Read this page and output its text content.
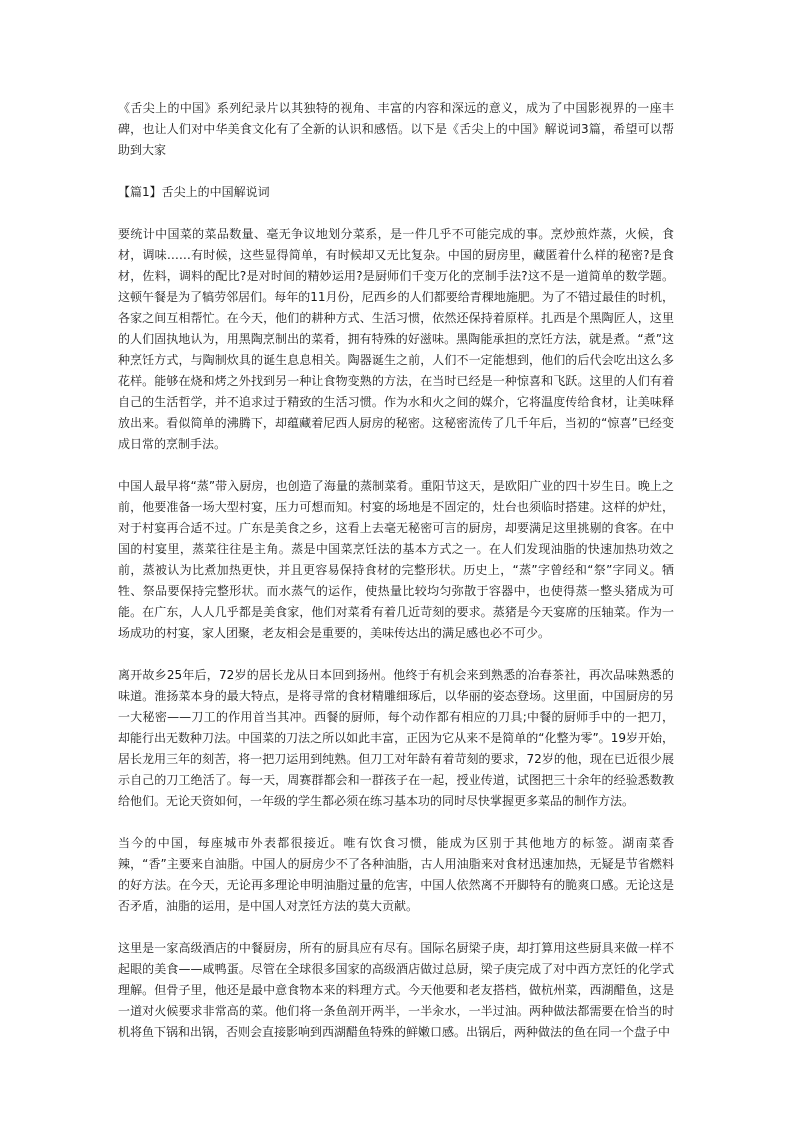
《舌尖上的中国》系列纪录片以其独特的视角、丰富的内容和深远的意义，成为了中国影视界的一座丰碑，也让人们对中华美食文化有了全新的认识和感悟。以下是《舌尖上的中国》解说词3篇，希望可以帮助到大家

【篇1】舌尖上的中国解说词

要统计中国菜的菜品数量、毫无争议地划分菜系，是一件几乎不可能完成的事。烹炒煎炸蒸，火候，食材，调味……有时候，这些显得简单，有时候却又无比复杂。中国的厨房里，藏匿着什么样的秘密?是食材，佐料，调料的配比?是对时间的精妙运用?是厨师们千变万化的烹制手法?这不是一道简单的数学题。这顿午餐是为了犒劳邻居们。每年的11月份，尼西乡的人们都要给青稞地施肥。为了不错过最佳的时机，各家之间互相帮忙。在今天，他们的耕种方式、生活习惯，依然还保持着原样。扎西是个黑陶匠人，这里的人们固执地认为，用黑陶烹制出的菜肴，拥有特殊的好滋味。黑陶能承担的烹饪方法，就是煮。“煮”这种烹饪方式，与陶制炊具的诞生息息相关。陶器诞生之前，人们不一定能想到，他们的后代会吃出这么多花样。能够在烧和烤之外找到另一种让食物变熟的方法，在当时已经是一种惊喜和飞跃。这里的人们有着自己的生活哲学，并不追求过于精致的生活习惯。作为水和火之间的媒介，它将温度传给食材，让美味释放出来。看似简单的沸腾下，却蕴藏着尼西人厨房的秘密。这秘密流传了几千年后，当初的“惊喜”已经变成日常的烹制手法。

中国人最早将“蒸”带入厨房，也创造了海量的蒸制菜肴。重阳节这天，是欧阳广业的四十岁生日。晚上之前，他要准备一场大型村宴，压力可想而知。村宴的场地是不固定的，灶台也须临时搭建。这样的炉灶，对于村宴再合适不过。广东是美食之乡，这看上去毫无秘密可言的厨房，却要满足这里挑剔的食客。在中国的村宴里，蒸菜往往是主角。蒸是中国菜烹饪法的基本方式之一。在人们发现油脂的快速加热功效之前，蒸被认为比煮加热更快，并且更容易保持食材的完整形状。历史上，“蒸”字曾经和“祭”字同义。牺牲、祭品要保持完整形状。而水蒸气的运作，使热量比较均匀弥散于容器中，也使得蒸一整头猪成为可能。在广东，人人几乎都是美食家，他们对菜肴有着几近苛刻的要求。蒸猪是今天宴席的压轴菜。作为一场成功的村宴，家人团聚，老友相会是重要的，美味传达出的满足感也必不可少。

离开故乡25年后，72岁的居长龙从日本回到扬州。他终于有机会来到熟悉的冶春茶社，再次品味熟悉的味道。淮扬菜本身的最大特点，是将寻常的食材精雕细琢后，以华丽的姿态登场。这里面，中国厨房的另一大秘密——刀工的作用首当其冲。西餐的厨师，每个动作都有相应的刀具;中餐的厨师手中的一把刀，却能行出无数种刀法。中国菜的刀法之所以如此丰富，正因为它从来不是简单的“化整为零”。19岁开始，居长龙用三年的刻苦，将一把刀运用到纯熟。但刀工对年龄有着苛刻的要求，72岁的他，现在已近很少展示自己的刀工绝活了。每一天，周赛群都会和一群孩子在一起，授业传道，试图把三十余年的经验悉数教给他们。无论天资如何，一年级的学生都必须在练习基本功的同时尽快掌握更多菜品的制作方法。

当今的中国，每座城市外表都很接近。唯有饮食习惯，能成为区别于其他地方的标签。湖南菜香辣，“香”主要来自油脂。中国人的厨房少不了各种油脂，古人用油脂来对食材迅速加热，无疑是节省燃料的好方法。在今天，无论再多理论申明油脂过量的危害，中国人依然离不开脚特有的脆爽口感。无论这是否矛盾，油脂的运用，是中国人对烹饪方法的莫大贡献。

这里是一家高级酒店的中餐厨房，所有的厨具应有尽有。国际名厨梁子庚，却打算用这些厨具来做一样不起眼的美食——咸鸭蛋。尽管在全球很多国家的高级酒店做过总厨，梁子庚完成了对中西方烹饪的化学式理解。但骨子里，他还是最中意食物本来的料理方式。今天他要和老友搭档，做杭州菜，西湖醋鱼，这是一道对火候要求非常高的菜。他们将一条鱼剖开两半，一半汆水，一半过油。两种做法都需要在恰当的时机将鱼下锅和出锅，否则会直接影响到西湖醋鱼特殊的鲜嫩口感。出锅后，两种做法的鱼在同一个盘子中
